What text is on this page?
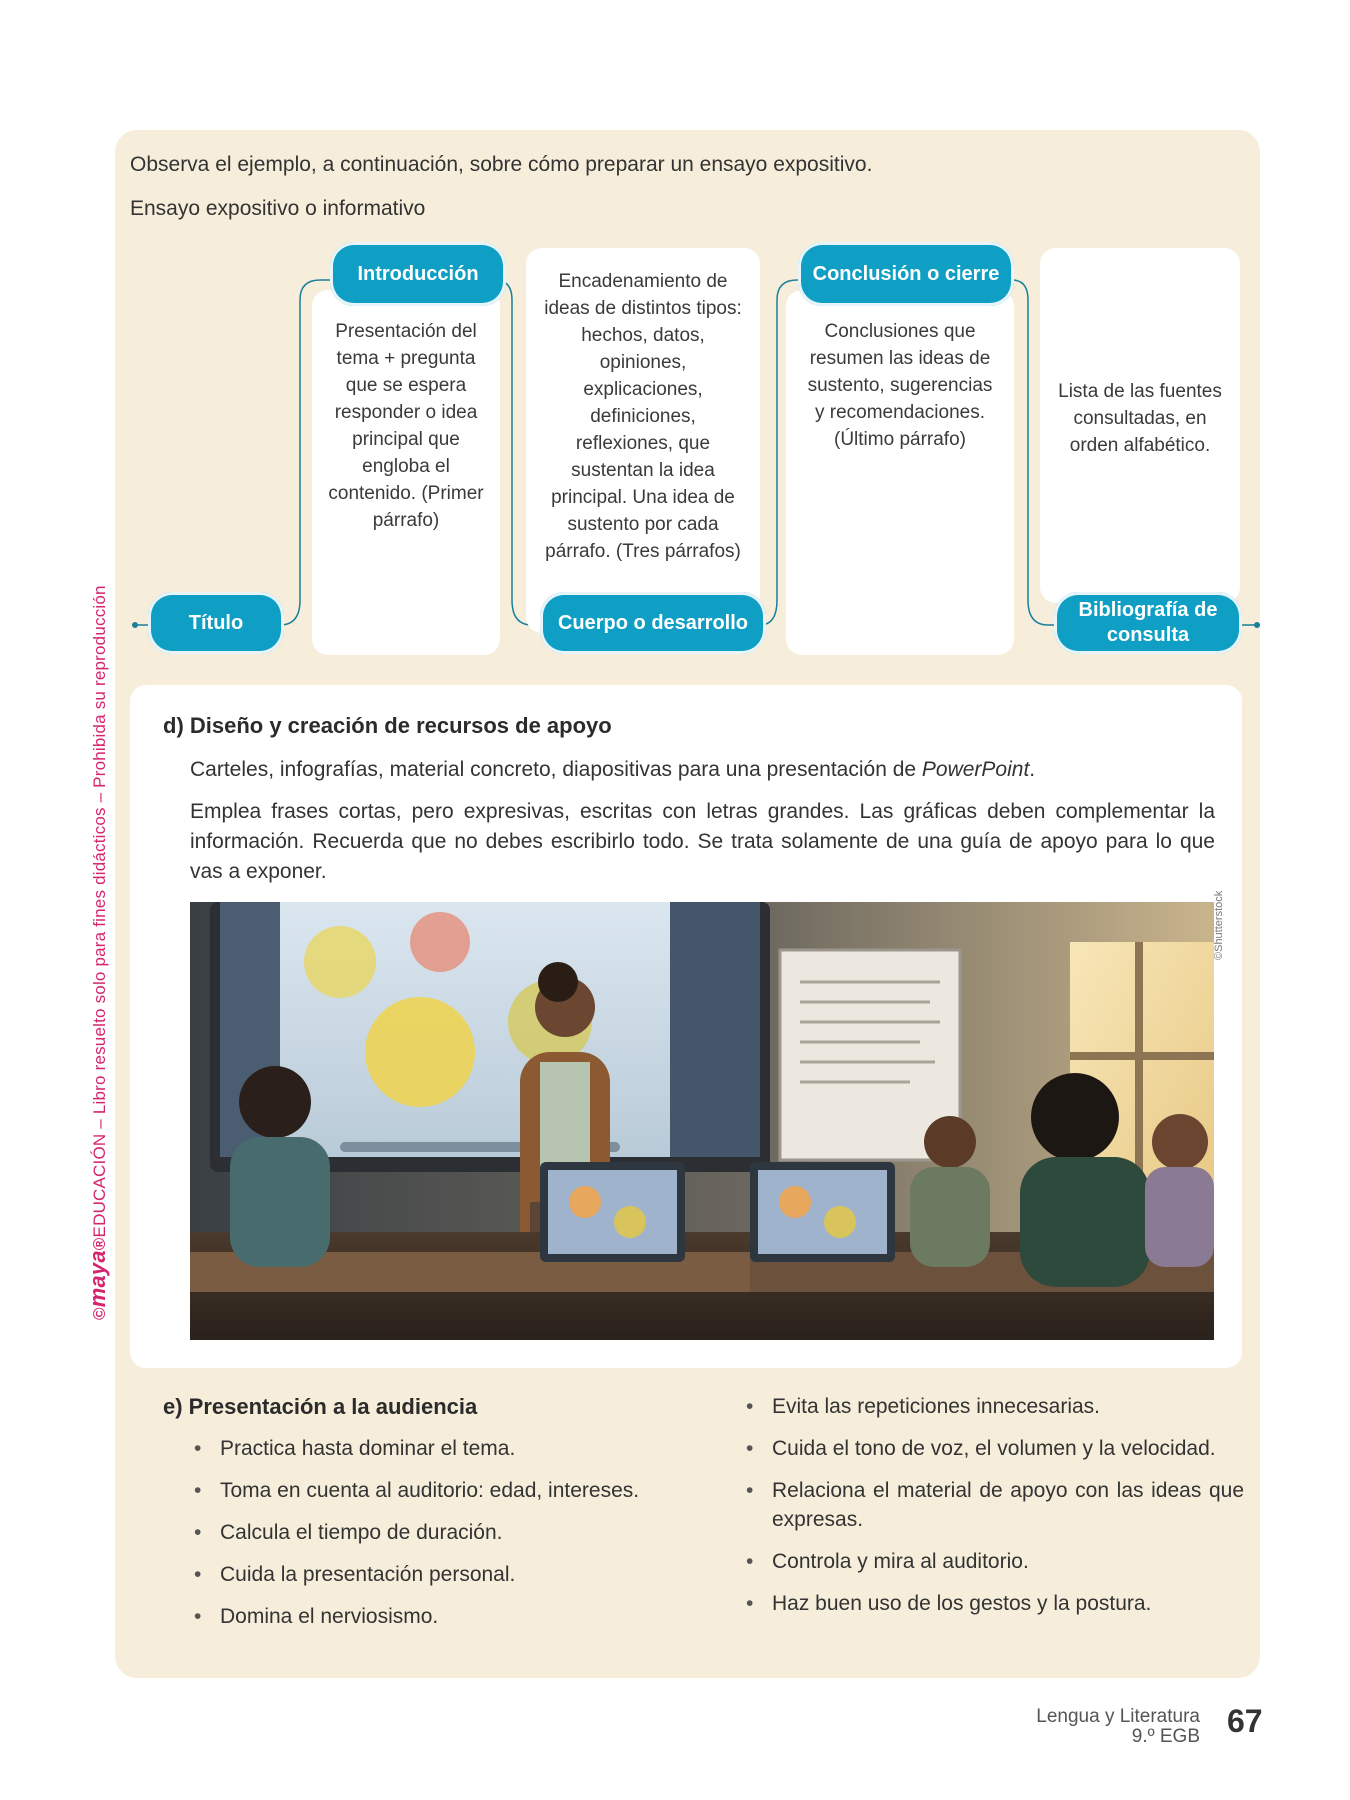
©maya®EDUCACIÓN – Libro resuelto solo para fines didácticos – Prohibida su reproducción
Observa el ejemplo, a continuación, sobre cómo preparar un ensayo expositivo.
Ensayo expositivo o informativo
Presentación del tema + pregunta que se espera responder o idea principal que engloba el contenido. (Primer párrafo)
Encadenamiento de ideas de distintos tipos: hechos, datos, opiniones, explicaciones, definiciones, reflexiones, que sustentan la idea principal. Una idea de sustento por cada párrafo. (Tres párrafos)
Conclusiones que resumen las ideas de sustento, sugerencias y recomendaciones. (Último párrafo)
Lista de las fuentes consultadas, en orden alfabético.
Título
Introducción
Cuerpo o desarrollo
Conclusión o cierre
Bibliografía de consulta
d) Diseño y creación de recursos de apoyo
Carteles, infografías, material concreto, diapositivas para una presentación de PowerPoint.
Emplea frases cortas, pero expresivas, escritas con letras grandes. Las gráficas deben complementar la información. Recuerda que no debes escribirlo todo. Se trata solamente de una guía de apoyo para lo que vas a exponer.
©Shutterstock
e) Presentación a la audiencia
• Practica hasta dominar el tema.
• Toma en cuenta al auditorio: edad, intereses.
• Calcula el tiempo de duración.
• Cuida la presentación personal.
• Domina el nerviosismo.
• Evita las repeticiones innecesarias.
• Cuida el tono de voz, el volumen y la velocidad.
• Relaciona el material de apoyo con las ideas que expresas.
• Controla y mira al auditorio.
• Haz buen uso de los gestos y la postura.
Lengua y Literatura
9.º EGB 67
